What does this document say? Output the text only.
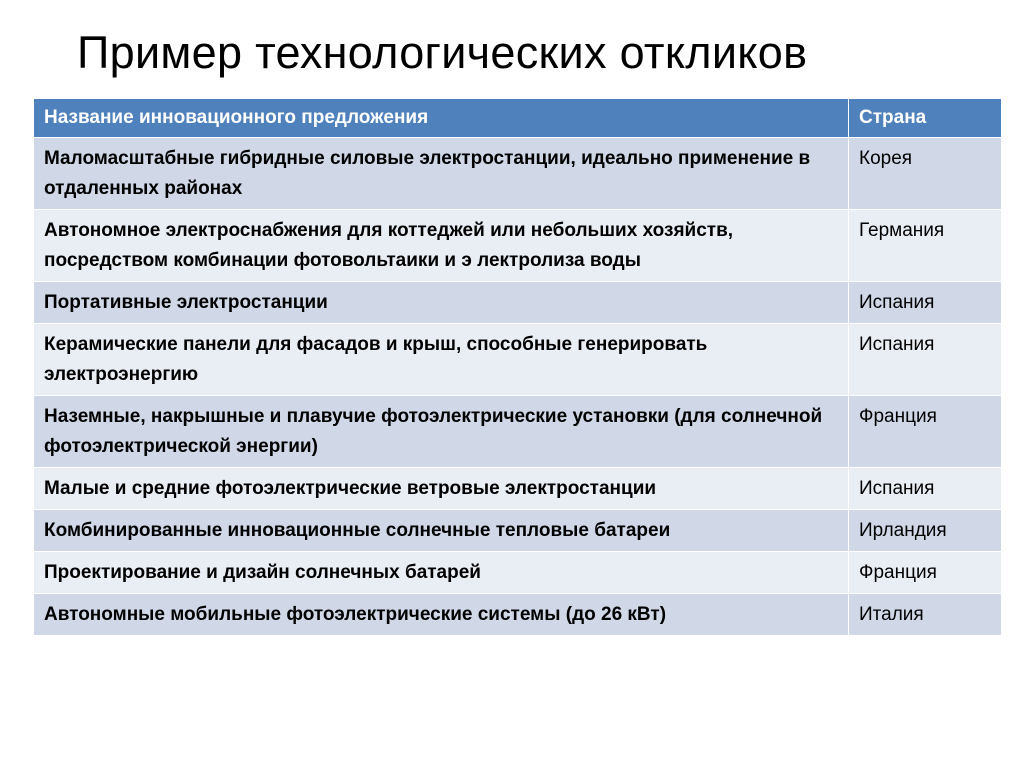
Пример технологических откликов
Название инновационного предложения	Страна
Маломасштабные гибридные силовые электростанции, идеально применение в отдаленных районах	Корея
Автономное электроснабжения для коттеджей или небольших хозяйств, посредством комбинации фотовольтаики и э лектролиза воды	Германия
Портативные электростанции	Испания
Керамические панели для фасадов и крыш, способные генерировать электроэнергию	Испания
Наземные, накрышные и плавучие фотоэлектрические установки (для солнечной фотоэлектрической энергии)	Франция
Малые и средние фотоэлектрические ветровые электростанции	Испания
Комбинированные инновационные солнечные тепловые батареи	Ирландия
Проектирование и дизайн солнечных батарей	Франция
Автономные мобильные фотоэлектрические системы (до 26 кВт)	Италия
